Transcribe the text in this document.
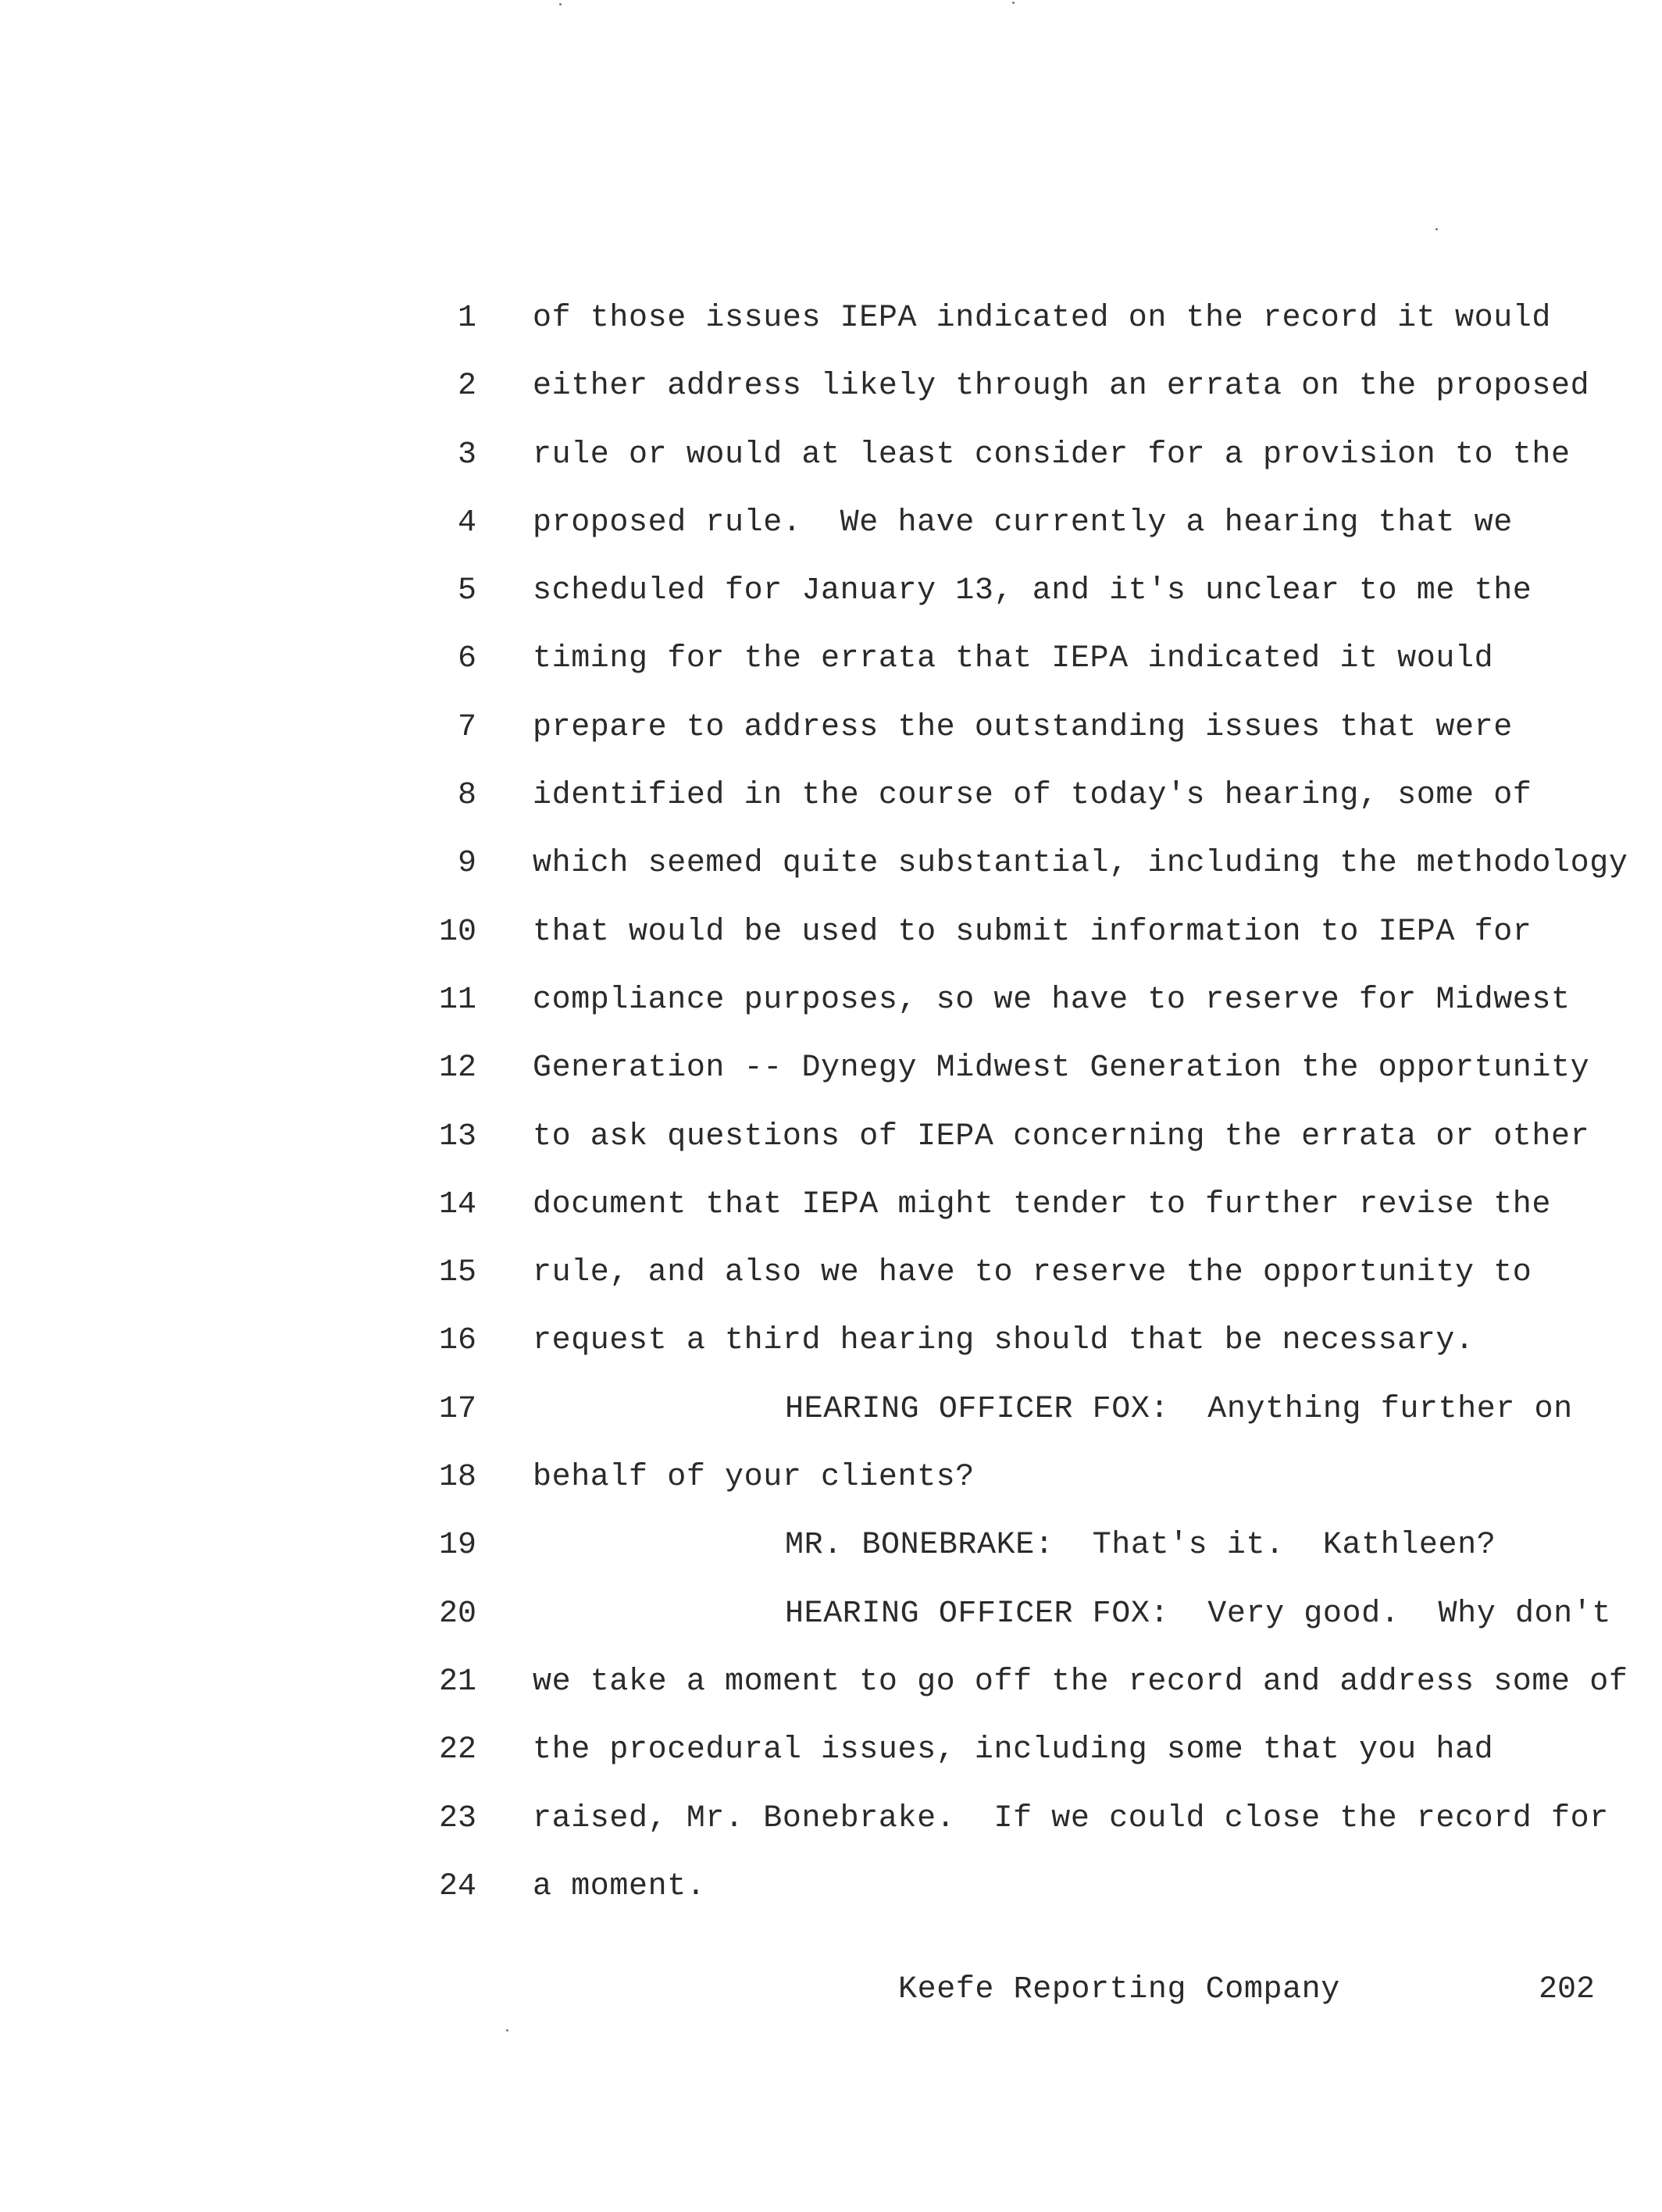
1 of those issues IEPA indicated on the record it would
2 either address likely through an errata on the proposed
3 rule or would at least consider for a provision to the
4 proposed rule.  We have currently a hearing that we
5 scheduled for January 13, and it's unclear to me the
6 timing for the errata that IEPA indicated it would
7 prepare to address the outstanding issues that were
8 identified in the course of today's hearing, some of
9 which seemed quite substantial, including the methodology
10 that would be used to submit information to IEPA for
11 compliance purposes, so we have to reserve for Midwest
12 Generation -- Dynegy Midwest Generation the opportunity
13 to ask questions of IEPA concerning the errata or other
14 document that IEPA might tender to further revise the
15 rule, and also we have to reserve the opportunity to
16 request a third hearing should that be necessary.
17	HEARING OFFICER FOX:  Anything further on
18 behalf of your clients?
19	MR. BONEBRAKE:  That's it.  Kathleen?
20	HEARING OFFICER FOX:  Very good.  Why don't
21 we take a moment to go off the record and address some of
22 the procedural issues, including some that you had
23 raised, Mr. Bonebrake.  If we could close the record for
24 a moment.
Keefe Reporting Company	202
